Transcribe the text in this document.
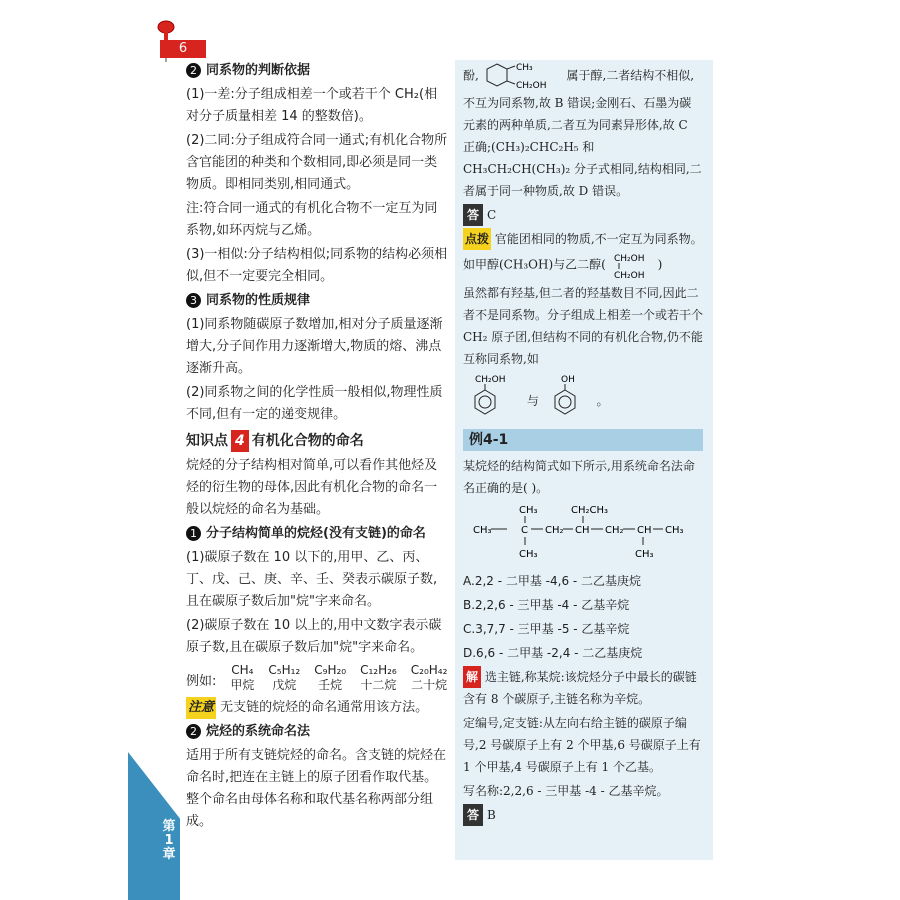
第1章
6

2 同系物的判断依据

(1)一差:分子组成相差一个或若干个 CH₂(相对分子质量相差 14 的整数倍)。

(2)二同:分子组成符合同一通式;有机化合物所含官能团的种类和个数相同,即必须是同一类物质。即相同类别,相同通式。

注:符合同一通式的有机化合物不一定互为同系物,如环丙烷与乙烯。

(3)一相似:分子结构相似;同系物的结构必须相似,但不一定要完全相同。

3 同系物的性质规律

(1)同系物随碳原子数增加,相对分子质量逐渐增大,分子间作用力逐渐增大,物质的熔、沸点逐渐升高。

(2)同系物之间的化学性质一般相似,物理性质不同,但有一定的递变规律。

知识点 4 有机化合物的命名

烷烃的分子结构相对简单,可以看作其他烃及烃的衍生物的母体,因此有机化合物的命名一般以烷烃的命名为基础。

1 分子结构简单的烷烃(没有支链)的命名

(1)碳原子数在 10 以下的,用甲、乙、丙、丁、戊、己、庚、辛、壬、癸表示碳原子数,且在碳原子数后加"烷"字来命名。

(2)碳原子数在 10 以上的,用中文数字表示碳原子数,且在碳原子数后加"烷"字来命名。

例如:
CH₄
甲烷
C₅H₁₂
戊烷
C₉H₂₀
壬烷
C₁₂H₂₆
十二烷
C₂₀H₄₂
二十烷

注意 无支链的烷烃的命名通常用该方法。

2 烷烃的系统命名法

适用于所有支链烷烃的命名。含支链的烷烃在命名时,把连在主链上的原子团看作取代基。整个命名由母体名称和取代基名称两部分组成。

酚,
CH₃
CH₂OH
属于醇,二者结构不相似,不互为同系物,故 B 错误;金刚石、石墨为碳元素的两种单质,二者互为同素异形体,故 C 正确;(CH₃)₂CHC₂H₅ 和 CH₃CH₂CH(CH₃)₂ 分子式相同,结构相同,二者属于同一种物质,故 D 错误。

答 C

点拨 官能团相同的物质,不一定互为同系物。如甲醇(CH₃OH)与乙二醇( CH₂OH
CH₂OH
)

虽然都有羟基,但二者的羟基数目不同,因此二者不是同系物。分子组成上相差一个或若干个 CH₂ 原子团,但结构不同的有机化合物,仍不能互称同系物,如

CH₂OH
与
OH
。

例4-1

某烷烃的结构简式如下所示,用系统命名法命名正确的是( )。

CH₃	CH₂CH₃
CH₃	C CH₂ CH CH₂ CH CH₃
CH₃	CH₃

A.2,2 - 二甲基 -4,6 - 二乙基庚烷

B.2,2,6 - 三甲基 -4 - 乙基辛烷

C.3,7,7 - 三甲基 -5 - 乙基辛烷

D.6,6 - 二甲基 -2,4 - 二乙基庚烷

解 选主链,称某烷:该烷烃分子中最长的碳链含有 8 个碳原子,主链名称为辛烷。

定编号,定支链:从左向右给主链的碳原子编号,2 号碳原子上有 2 个甲基,6 号碳原子上有 1 个甲基,4 号碳原子上有 1 个乙基。

写名称:2,2,6 - 三甲基 -4 - 乙基辛烷。

答 B
